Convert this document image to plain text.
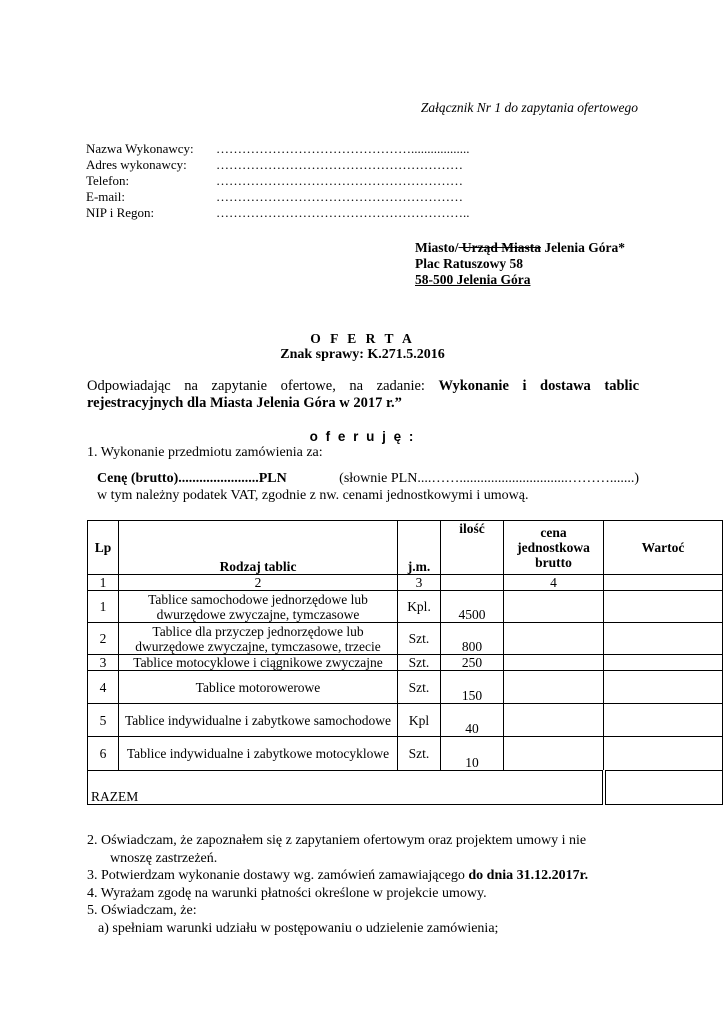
Załącznik Nr 1 do zapytania ofertowego
Nazwa Wykonawcy:	………………………………………..................
Adres wykonawcy:	…………………………………………………
Telefon:	…………………………………………………
E-mail:	…………………………………………………
NIP i Regon:	…………………………………………………..
Miasto/ Urząd Miasta Jelenia Góra*
Plac Ratuszowy 58
58-500 Jelenia Góra
O F E R T A
Znak sprawy: K.271.5.2016
Odpowiadając na zapytanie ofertowe, na zadanie: Wykonanie i dostawa tablic rejestracyjnych dla Miasta Jelenia Góra w 2017 r.”
o f e r u j ę :
1. Wykonanie przedmiotu zamówienia za:
Cenę (brutto).......................PLN	(słownie PLN....……...............................……….......)
w tym należny podatek VAT, zgodnie z nw. cenami jednostkowymi i umową.
Lp	Rodzaj tablic	j.m.	ilość	cena jednostkowa brutto	Wartoć
1	2	3		4	
1	Tablice samochodowe jednorzędowe lub dwurzędowe zwyczajne, tymczasowe	Kpl.	4500		
2	Tablice dla przyczep jednorzędowe lub dwurzędowe zwyczajne, tymczasowe, trzecie	Szt.	800		
3	Tablice motocyklowe i ciągnikowe zwyczajne	Szt.	250		
4	Tablice motorowerowe	Szt.	150		
5	Tablice indywidualne i zabytkowe samochodowe	Kpl	40		
6	Tablice indywidualne i zabytkowe motocyklowe	Szt.	10		
RAZEM					
2. Oświadczam, że zapoznałem się z zapytaniem ofertowym oraz projektem umowy i nie
wnoszę zastrzeżeń.
3. Potwierdzam wykonanie dostawy wg. zamówień zamawiającego do dnia 31.12.2017r.
4. Wyrażam zgodę na warunki płatności określone w projekcie umowy.
5. Oświadczam, że:
a) spełniam warunki udziału w postępowaniu o udzielenie zamówienia;
